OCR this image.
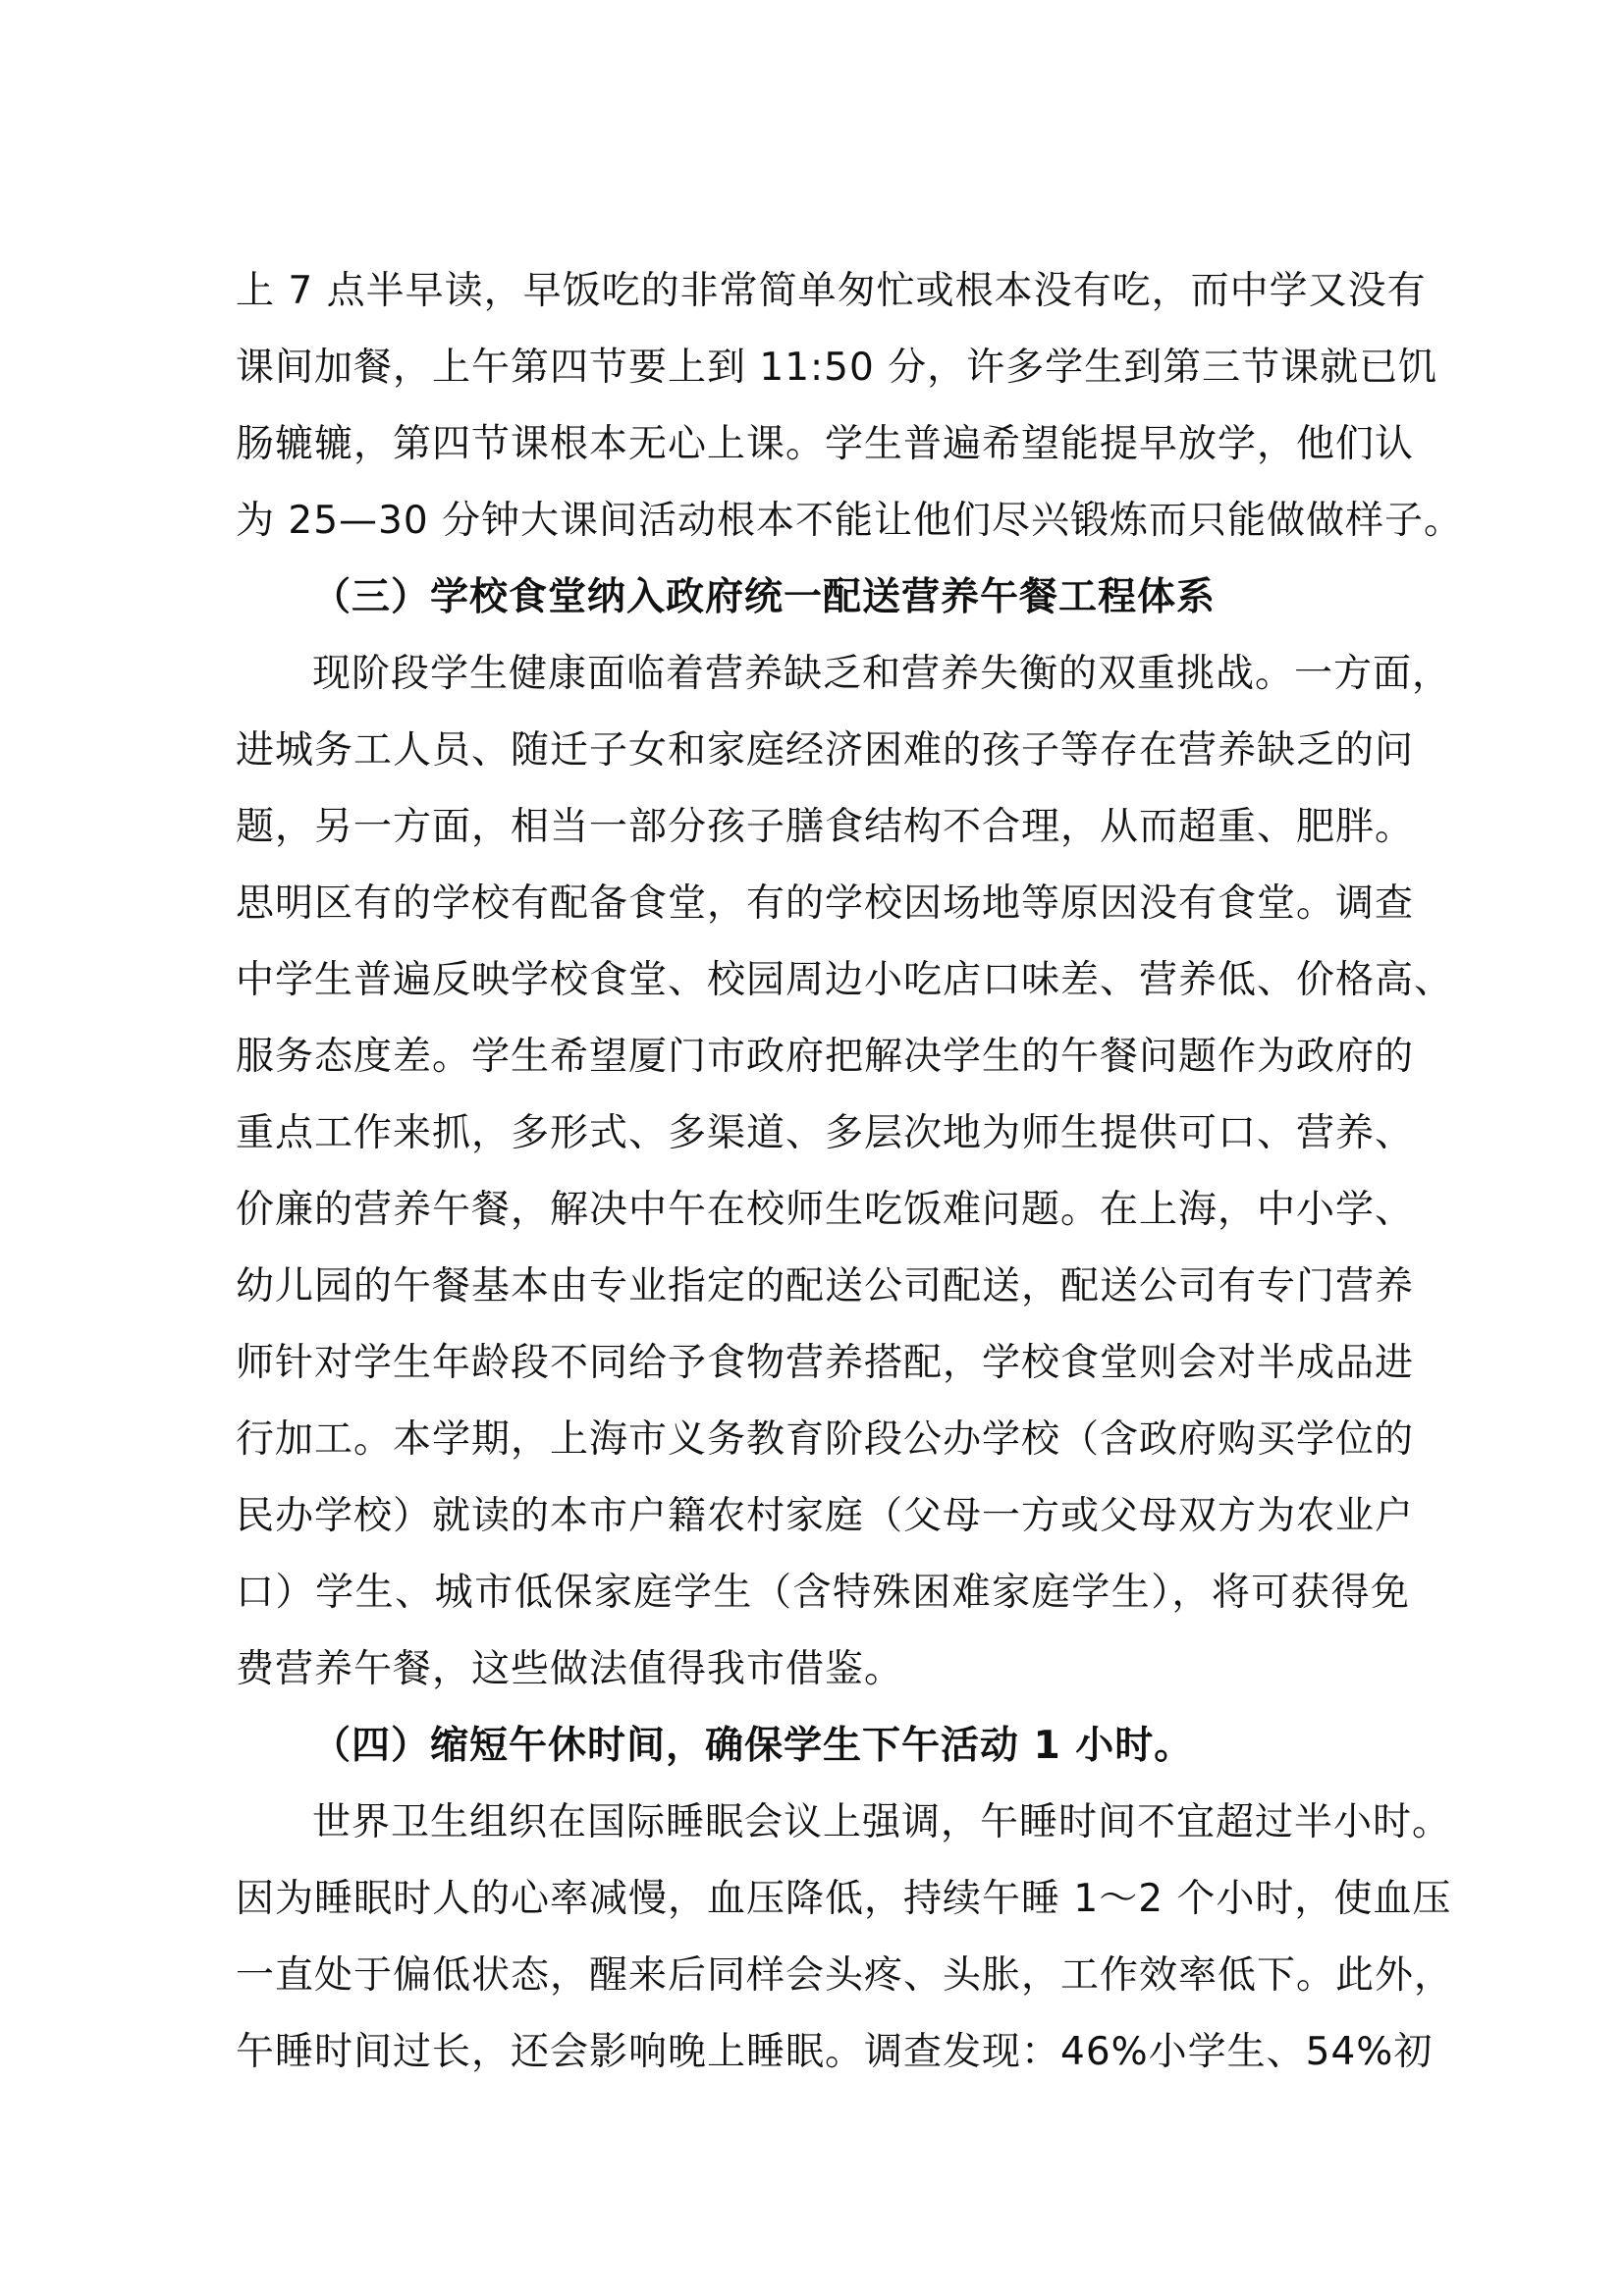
上 7 点半早读，早饭吃的非常简单匆忙或根本没有吃，而中学又没有
课间加餐，上午第四节要上到 11:50 分，许多学生到第三节课就已饥
肠辘辘，第四节课根本无心上课。学生普遍希望能提早放学，他们认
为 25—30 分钟大课间活动根本不能让他们尽兴锻炼而只能做做样子。
（三）学校食堂纳入政府统一配送营养午餐工程体系
现阶段学生健康面临着营养缺乏和营养失衡的双重挑战。一方面，
进城务工人员、随迁子女和家庭经济困难的孩子等存在营养缺乏的问
题，另一方面，相当一部分孩子膳食结构不合理，从而超重、肥胖。
思明区有的学校有配备食堂，有的学校因场地等原因没有食堂。调查
中学生普遍反映学校食堂、校园周边小吃店口味差、营养低、价格高、
服务态度差。学生希望厦门市政府把解决学生的午餐问题作为政府的
重点工作来抓，多形式、多渠道、多层次地为师生提供可口、营养、
价廉的营养午餐，解决中午在校师生吃饭难问题。在上海，中小学、
幼儿园的午餐基本由专业指定的配送公司配送，配送公司有专门营养
师针对学生年龄段不同给予食物营养搭配，学校食堂则会对半成品进
行加工。本学期，上海市义务教育阶段公办学校（含政府购买学位的
民办学校）就读的本市户籍农村家庭（父母一方或父母双方为农业户
口）学生、城市低保家庭学生（含特殊困难家庭学生），将可获得免
费营养午餐，这些做法值得我市借鉴。
（四）缩短午休时间，确保学生下午活动 1 小时。
世界卫生组织在国际睡眠会议上强调，午睡时间不宜超过半小时。
因为睡眠时人的心率减慢，血压降低，持续午睡 1～2 个小时，使血压
一直处于偏低状态，醒来后同样会头疼、头胀，工作效率低下。此外，
午睡时间过长，还会影响晚上睡眠。调查发现：46%小学生、54%初
